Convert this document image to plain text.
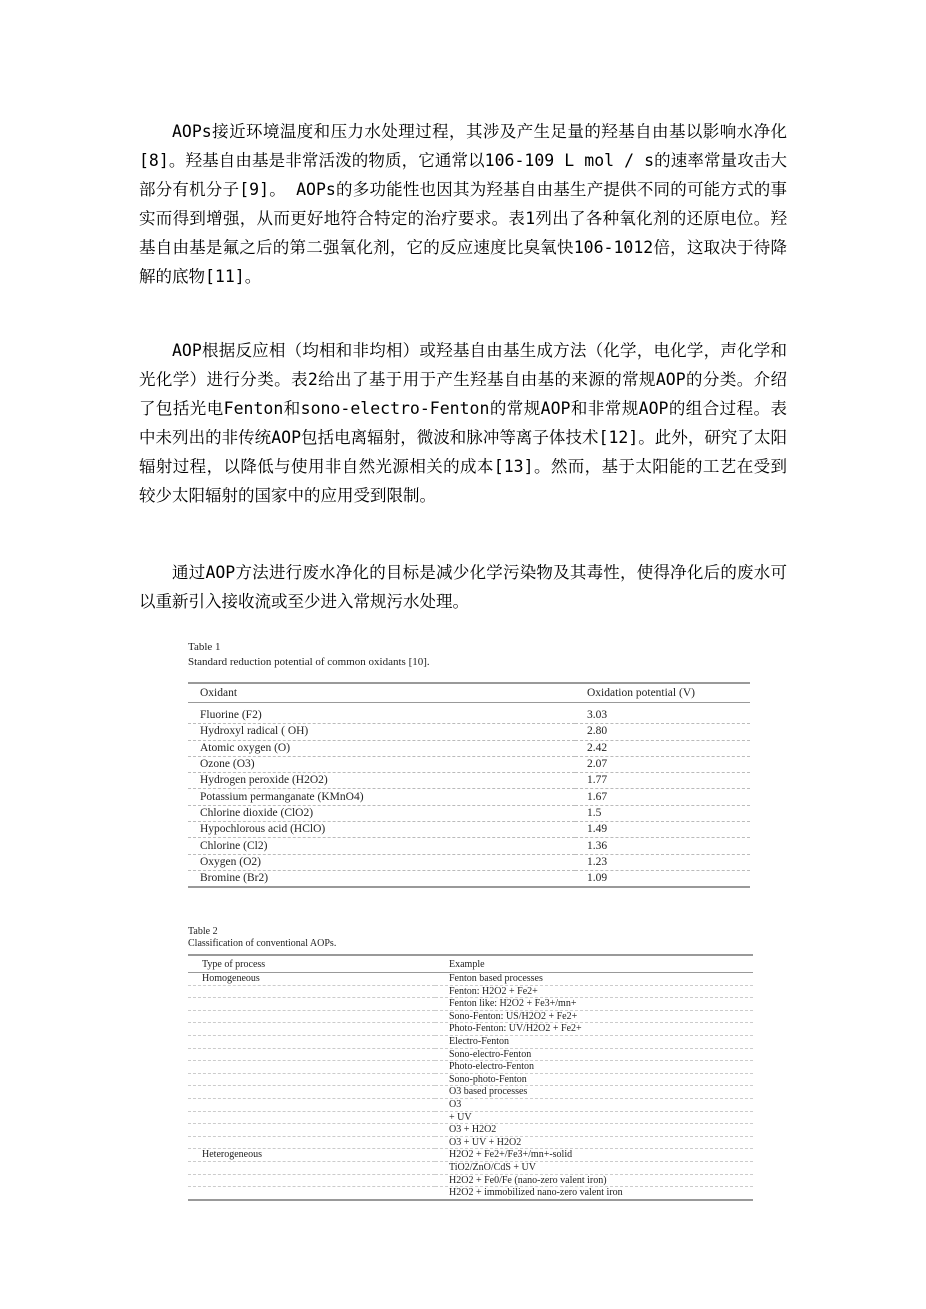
AOPs接近环境温度和压力水处理过程，其涉及产生足量的羟基自由基以影响水净化[8]。羟基自由基是非常活泼的物质，它通常以106-109 L mol / s的速率常量攻击大部分有机分子[9]。 AOPs的多功能性也因其为羟基自由基生产提供不同的可能方式的事实而得到增强，从而更好地符合特定的治疗要求。表1列出了各种氧化剂的还原电位。羟基自由基是氟之后的第二强氧化剂，它的反应速度比臭氧快106-1012倍，这取决于待降解的底物[11]。

AOP根据反应相（均相和非均相）或羟基自由基生成方法（化学，电化学，声化学和光化学）进行分类。表2给出了基于用于产生羟基自由基的来源的常规AOP的分类。介绍了包括光电Fenton和sono-electro-Fenton的常规AOP和非常规AOP的组合过程。表中未列出的非传统AOP包括电离辐射，微波和脉冲等离子体技术[12]。此外，研究了太阳辐射过程，以降低与使用非自然光源相关的成本[13]。然而，基于太阳能的工艺在受到较少太阳辐射的国家中的应用受到限制。

通过AOP方法进行废水净化的目标是减少化学污染物及其毒性，使得净化后的废水可以重新引入接收流或至少进入常规污水处理。

Table 1
Standard reduction potential of common oxidants [10].
Oxidant	Oxidation potential (V)
Fluorine (F2)	3.03
Hydroxyl radical ( OH)	2.80
Atomic oxygen (O)	2.42
Ozone (O3)	2.07
Hydrogen peroxide (H2O2)	1.77
Potassium permanganate (KMnO4)	1.67
Chlorine dioxide (ClO2)	1.5
Hypochlorous acid (HClO)	1.49
Chlorine (Cl2)	1.36
Oxygen (O2)	1.23
Bromine (Br2)	1.09
Table 2
Classification of conventional AOPs.
Type of process	Example
Homogeneous	Fenton based processes
	Fenton: H2O2 + Fe2+
	Fenton like: H2O2 + Fe3+/mn+
	Sono-Fenton: US/H2O2 + Fe2+
	Photo-Fenton: UV/H2O2 + Fe2+
	Electro-Fenton
	Sono-electro-Fenton
	Photo-electro-Fenton
	Sono-photo-Fenton
	O3 based processes
	O3
	+ UV
	O3 + H2O2
	O3 + UV + H2O2
Heterogeneous	H2O2 + Fe2+/Fe3+/mn+-solid
	TiO2/ZnO/CdS + UV
	H2O2 + Fe0/Fe (nano-zero valent iron)
	H2O2 + immobilized nano-zero valent iron
